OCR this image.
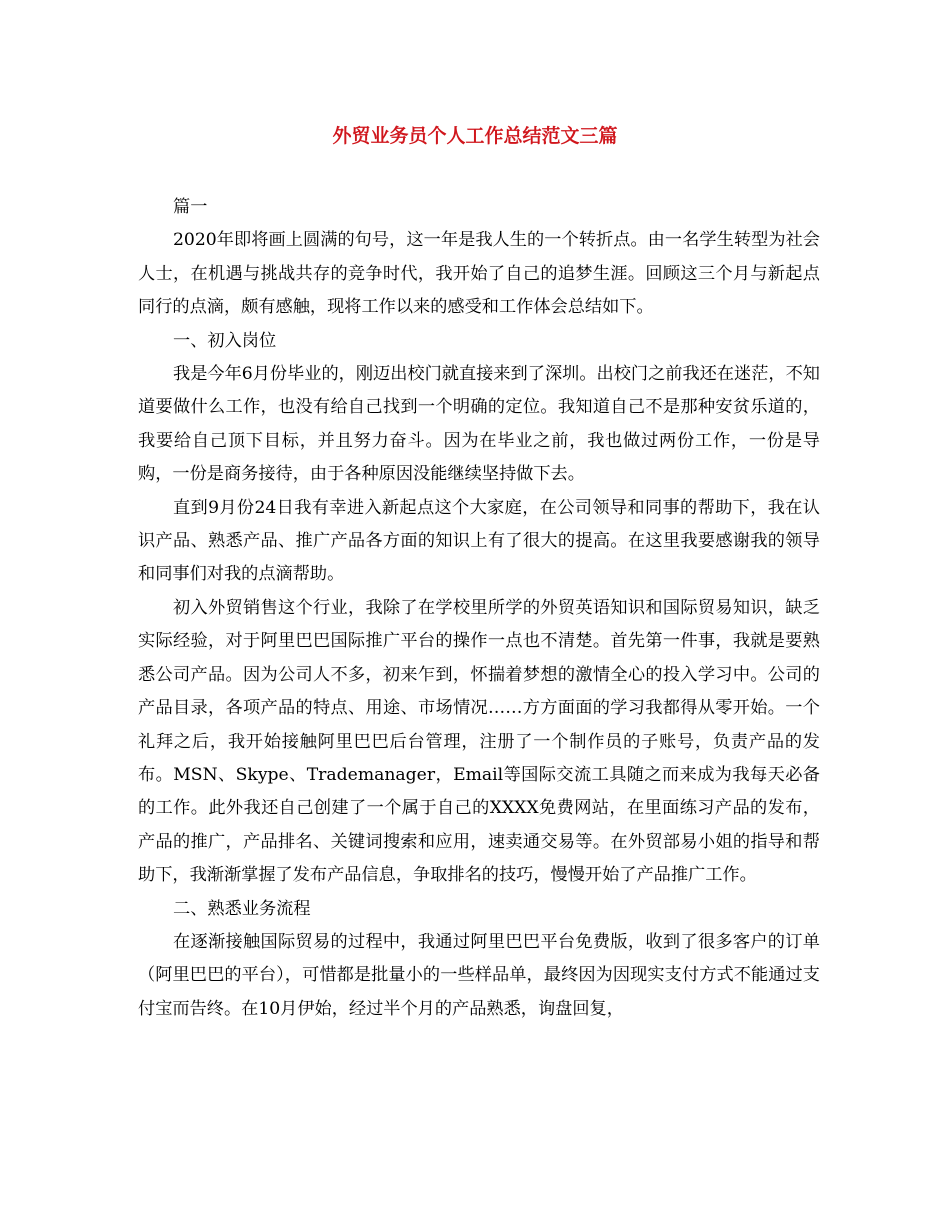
外贸业务员个人工作总结范文三篇

篇一

2020年即将画上圆满的句号，这一年是我人生的一个转折点。由一名学生转型为社会人士，在机遇与挑战共存的竞争时代，我开始了自己的追梦生涯。回顾这三个月与新起点同行的点滴，颇有感触，现将工作以来的感受和工作体会总结如下。

一、初入岗位

我是今年6月份毕业的，刚迈出校门就直接来到了深圳。出校门之前我还在迷茫，不知道要做什么工作，也没有给自己找到一个明确的定位。我知道自己不是那种安贫乐道的，我要给自己顶下目标，并且努力奋斗。因为在毕业之前，我也做过两份工作，一份是导购，一份是商务接待，由于各种原因没能继续坚持做下去。

直到9月份24日我有幸进入新起点这个大家庭，在公司领导和同事的帮助下，我在认识产品、熟悉产品、推广产品各方面的知识上有了很大的提高。在这里我要感谢我的领导和同事们对我的点滴帮助。

初入外贸销售这个行业，我除了在学校里所学的外贸英语知识和国际贸易知识，缺乏实际经验，对于阿里巴巴国际推广平台的操作一点也不清楚。首先第一件事，我就是要熟悉公司产品。因为公司人不多，初来乍到，怀揣着梦想的激情全心的投入学习中。公司的产品目录，各项产品的特点、用途、市场情况……方方面面的学习我都得从零开始。一个礼拜之后，我开始接触阿里巴巴后台管理，注册了一个制作员的子账号，负责产品的发布。MSN、Skype、Trademanager，Email等国际交流工具随之而来成为我每天必备的工作。此外我还自己创建了一个属于自己的XXXX免费网站，在里面练习产品的发布，产品的推广，产品排名、关键词搜索和应用，速卖通交易等。在外贸部易小姐的指导和帮助下，我渐渐掌握了发布产品信息，争取排名的技巧，慢慢开始了产品推广工作。

二、熟悉业务流程

在逐渐接触国际贸易的过程中，我通过阿里巴巴平台免费版，收到了很多客户的订单（阿里巴巴的平台），可惜都是批量小的一些样品单，最终因为因现实支付方式不能通过支付宝而告终。在10月伊始，经过半个月的产品熟悉，询盘回复，
